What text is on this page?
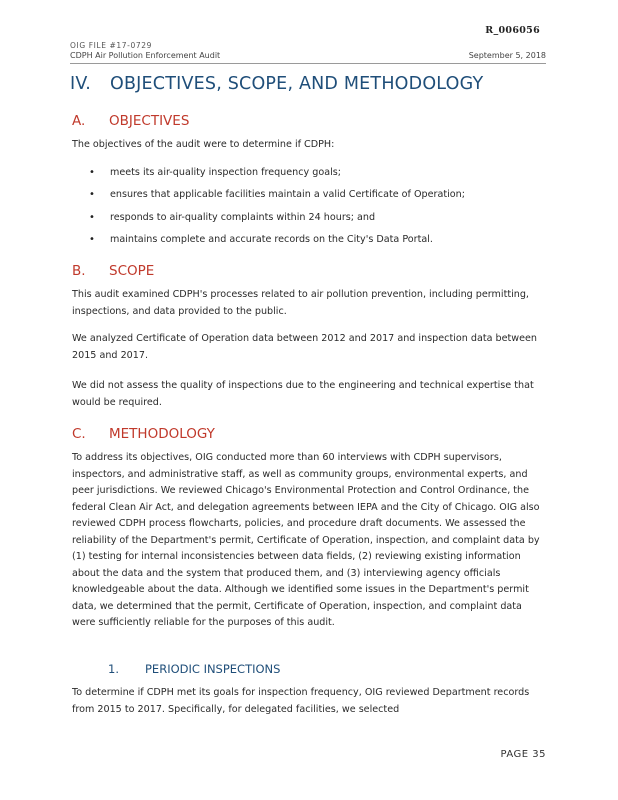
R_006056
OIG FILE #17-0729
CDPH Air Pollution Enforcement Audit	September 5, 2018
IV. OBJECTIVES, SCOPE, AND METHODOLOGY
A. OBJECTIVES

The objectives of the audit were to determine if CDPH:

• meets its air-quality inspection frequency goals;
• ensures that applicable facilities maintain a valid Certificate of Operation;
• responds to air-quality complaints within 24 hours; and
• maintains complete and accurate records on the City's Data Portal.
B. SCOPE

This audit examined CDPH's processes related to air pollution prevention, including permitting, inspections, and data provided to the public.

We analyzed Certificate of Operation data between 2012 and 2017 and inspection data between 2015 and 2017.

We did not assess the quality of inspections due to the engineering and technical expertise that would be required.

C. METHODOLOGY

To address its objectives, OIG conducted more than 60 interviews with CDPH supervisors, inspectors, and administrative staff, as well as community groups, environmental experts, and peer jurisdictions. We reviewed Chicago's Environmental Protection and Control Ordinance, the federal Clean Air Act, and delegation agreements between IEPA and the City of Chicago. OIG also reviewed CDPH process flowcharts, policies, and procedure draft documents. We assessed the reliability of the Department's permit, Certificate of Operation, inspection, and complaint data by (1) testing for internal inconsistencies between data fields, (2) reviewing existing information about the data and the system that produced them, and (3) interviewing agency officials knowledgeable about the data. Although we identified some issues in the Department's permit data, we determined that the permit, Certificate of Operation, inspection, and complaint data were sufficiently reliable for the purposes of this audit.

1. PERIODIC INSPECTIONS

To determine if CDPH met its goals for inspection frequency, OIG reviewed Department records from 2015 to 2017. Specifically, for delegated facilities, we selected

PAGE 35
